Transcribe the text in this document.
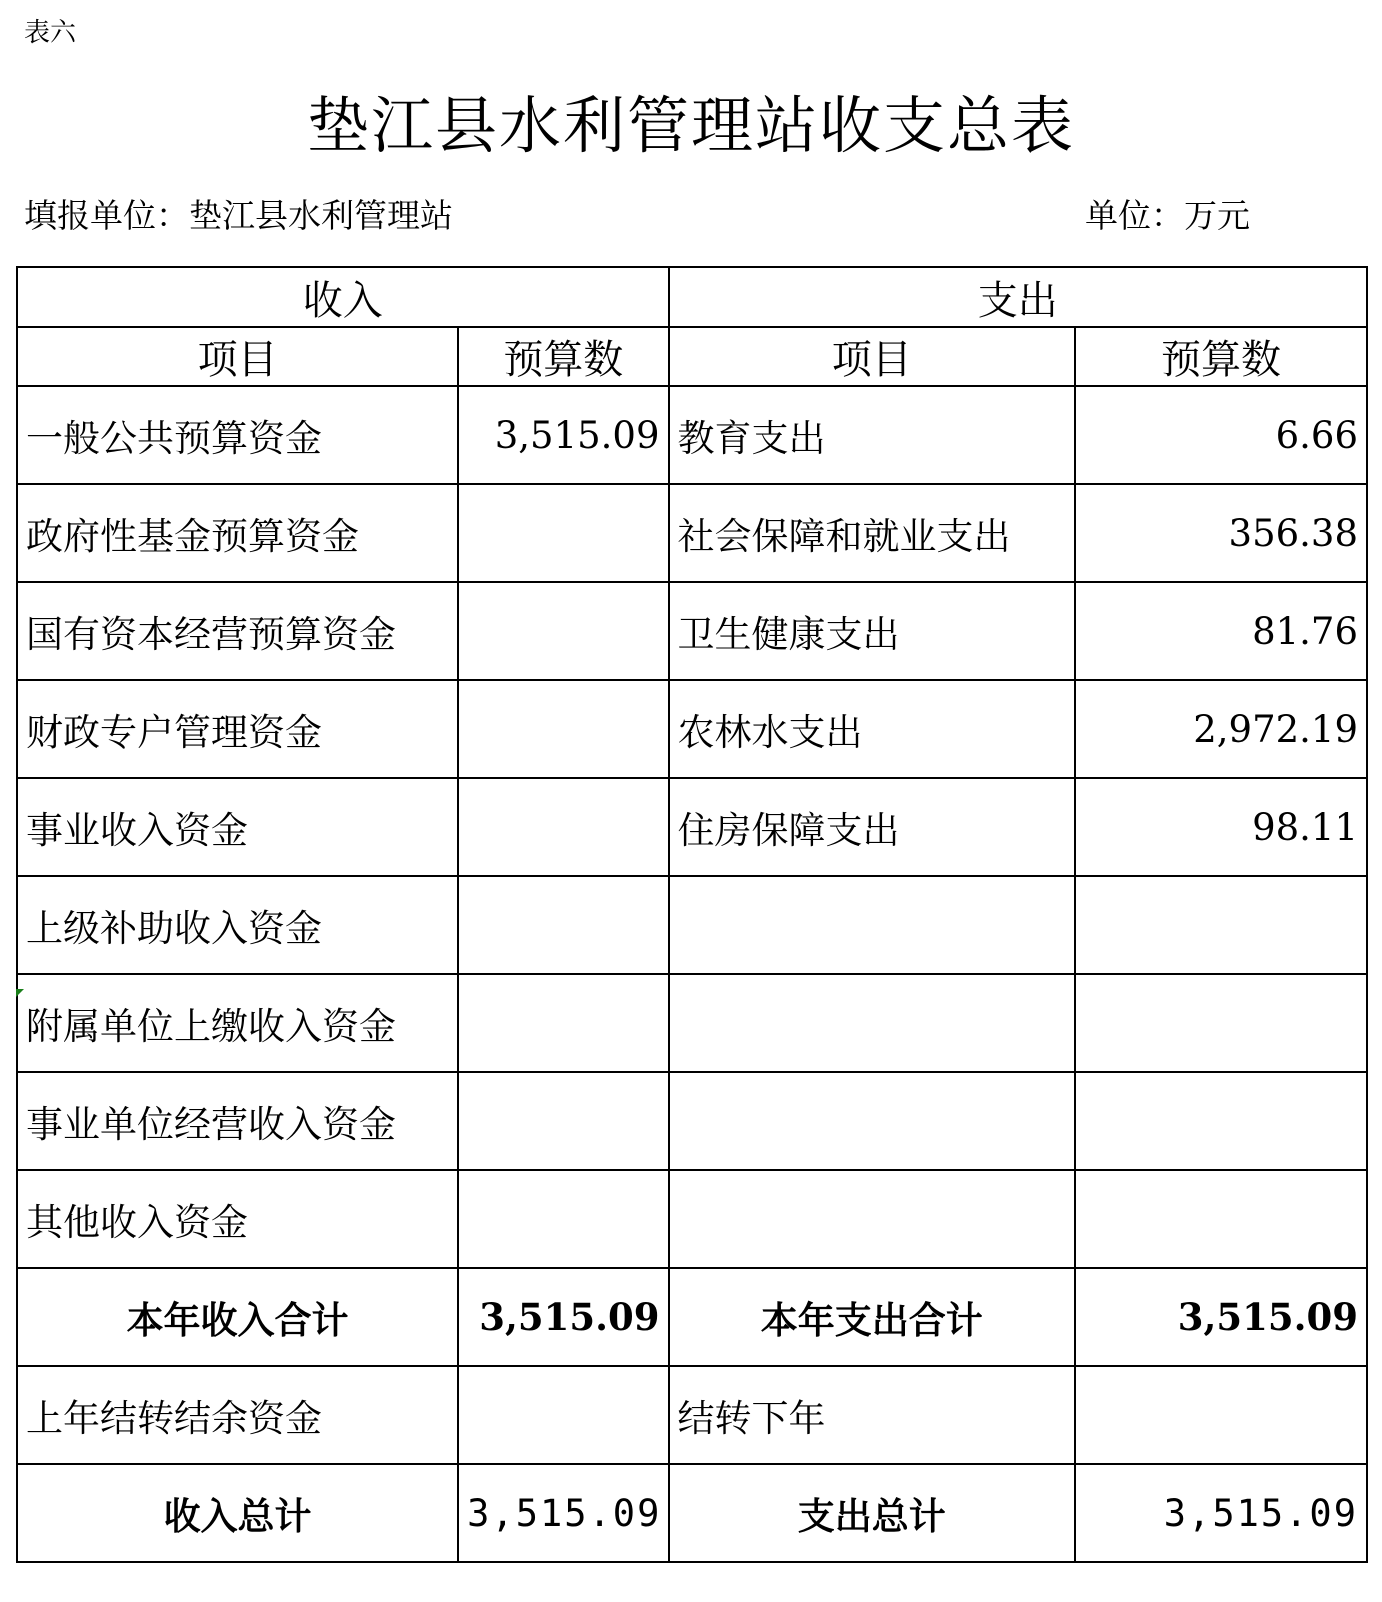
表六
垫江县水利管理站收支总表
填报单位：垫江县水利管理站	单位：万元
收入		支出	
项目	预算数	项目	预算数
一般公共预算资金	3,515.09	教育支出	6.66
政府性基金预算资金		社会保障和就业支出	356.38
国有资本经营预算资金		卫生健康支出	81.76
财政专户管理资金		农林水支出	2,972.19
事业收入资金		住房保障支出	98.11
上级补助收入资金			
附属单位上缴收入资金			
事业单位经营收入资金			
其他收入资金			
本年收入合计	3,515.09	本年支出合计	3,515.09
上年结转结余资金		结转下年	
收入总计	3,515.09	支出总计	3,515.09
